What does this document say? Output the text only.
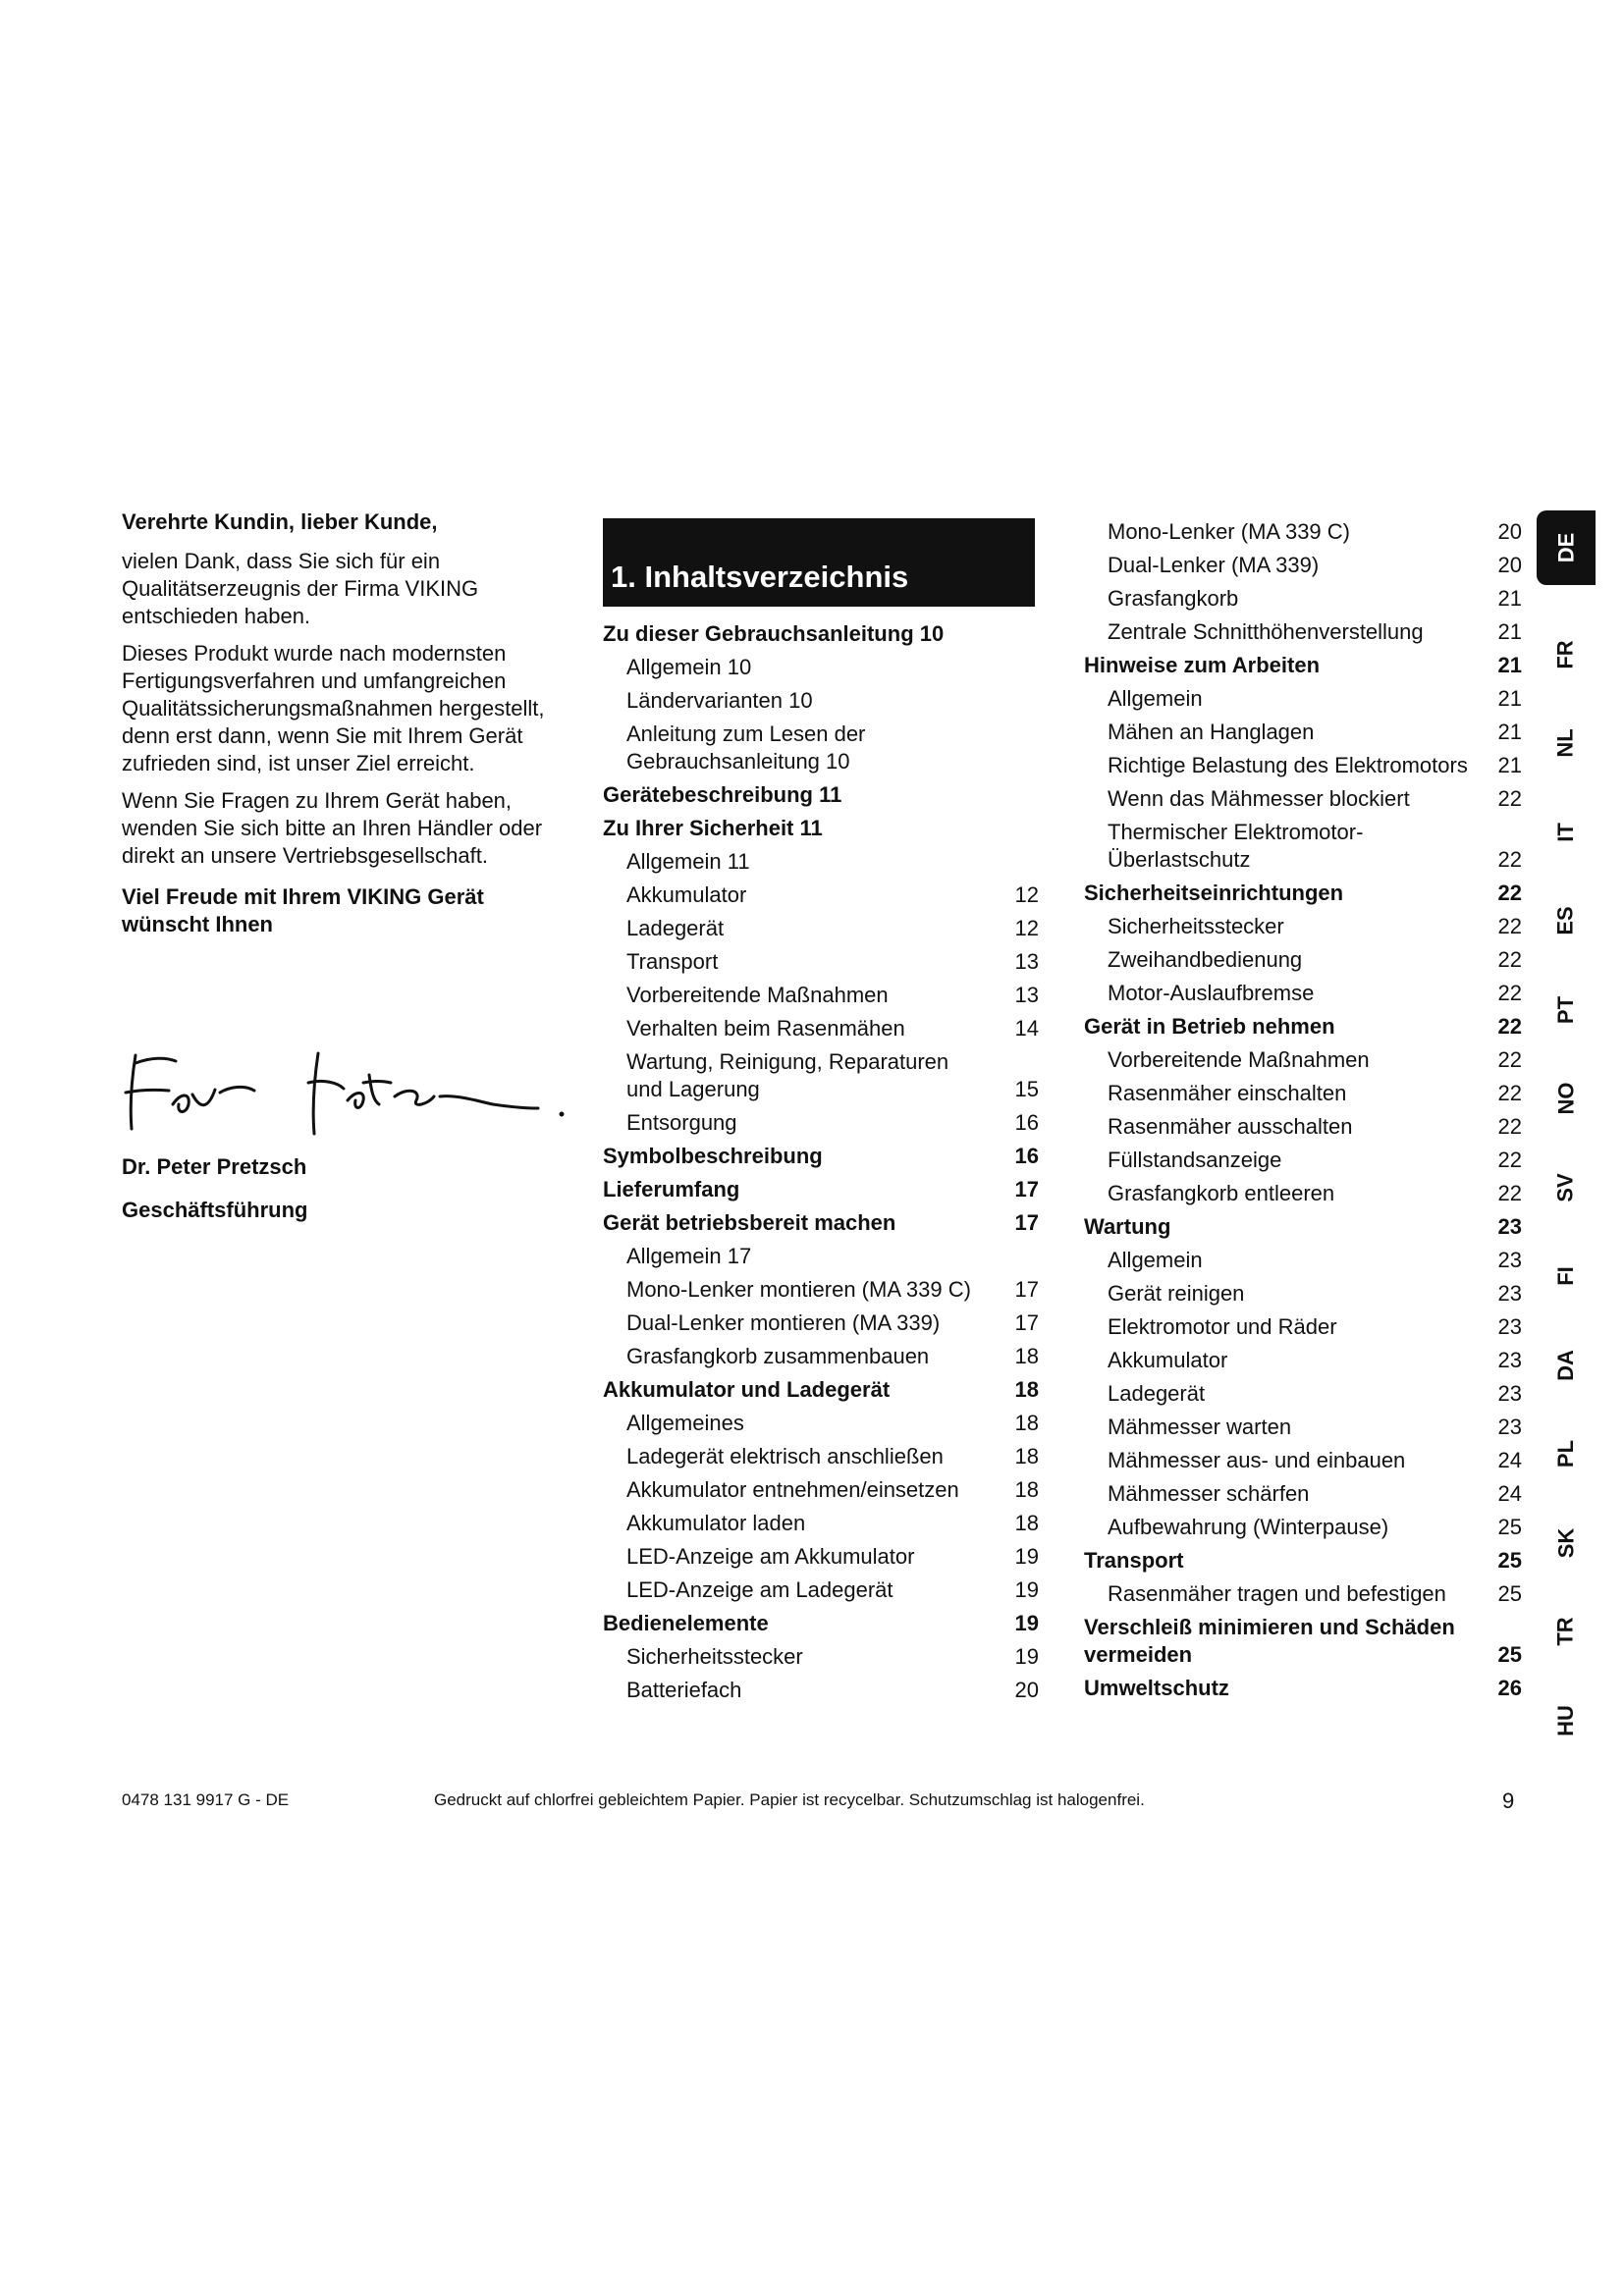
Verehrte Kundin, lieber Kunde,

vielen Dank, dass Sie sich für ein Qualitätserzeugnis der Firma VIKING entschieden haben.

Dieses Produkt wurde nach modernsten Fertigungsverfahren und umfangreichen Qualitätssicherungsmaßnahmen hergestellt, denn erst dann, wenn Sie mit Ihrem Gerät zufrieden sind, ist unser Ziel erreicht.

Wenn Sie Fragen zu Ihrem Gerät haben, wenden Sie sich bitte an Ihren Händler oder direkt an unsere Vertriebsgesellschaft.

Viel Freude mit Ihrem VIKING Gerät wünscht Ihnen

Dr. Peter Pretzsch
Geschäftsführung
1. Inhaltsverzeichnis
Zu dieser Gebrauchsanleitung 10
Allgemein 10
Ländervarianten 10
Anleitung zum Lesen der Gebrauchsanleitung 10
Gerätebeschreibung 11
Zu Ihrer Sicherheit 11
Allgemein 11
Akkumulator	12
Ladegerät	12
Transport	13
Vorbereitende Maßnahmen	13
Verhalten beim Rasenmähen	14
Wartung, Reinigung, Reparaturen und Lagerung	15
Entsorgung	16
Symbolbeschreibung	16
Lieferumfang	17
Gerät betriebsbereit machen	17
Allgemein 17
Mono-Lenker montieren (MA 339 C)	17
Dual-Lenker montieren (MA 339)	17
Grasfangkorb zusammenbauen	18
Akkumulator und Ladegerät	18
Allgemeines	18
Ladegerät elektrisch anschließen	18
Akkumulator entnehmen/einsetzen	18
Akkumulator laden	18
LED-Anzeige am Akkumulator	19
LED-Anzeige am Ladegerät	19
Bedienelemente	19
Sicherheitsstecker	19
Batteriefach	20
Mono-Lenker (MA 339 C)	20
Dual-Lenker (MA 339)	20
Grasfangkorb	21
Zentrale Schnitthöhenverstellung	21
Hinweise zum Arbeiten	21
Allgemein	21
Mähen an Hanglagen	21
Richtige Belastung des Elektromotors	21
Wenn das Mähmesser blockiert	22
Thermischer Elektromotor-Überlastschutz	22
Sicherheitseinrichtungen	22
Sicherheitsstecker	22
Zweihandbedienung	22
Motor-Auslaufbremse	22
Gerät in Betrieb nehmen	22
Vorbereitende Maßnahmen	22
Rasenmäher einschalten	22
Rasenmäher ausschalten	22
Füllstandsanzeige	22
Grasfangkorb entleeren	22
Wartung	23
Allgemein	23
Gerät reinigen	23
Elektromotor und Räder	23
Akkumulator	23
Ladegerät	23
Mähmesser warten	23
Mähmesser aus- und einbauen	24
Mähmesser schärfen	24
Aufbewahrung (Winterpause)	25
Transport	25
Rasenmäher tragen und befestigen	25
Verschleiß minimieren und Schäden vermeiden	25
Umweltschutz	26
DE
FR
NL
IT
ES
PT
NO
SV
FI
DA
PL
SK
TR
HU
0478 131 9917 G - DE	Gedruckt auf chlorfrei gebleichtem Papier. Papier ist recycelbar. Schutzumschlag ist halogenfrei.	9
